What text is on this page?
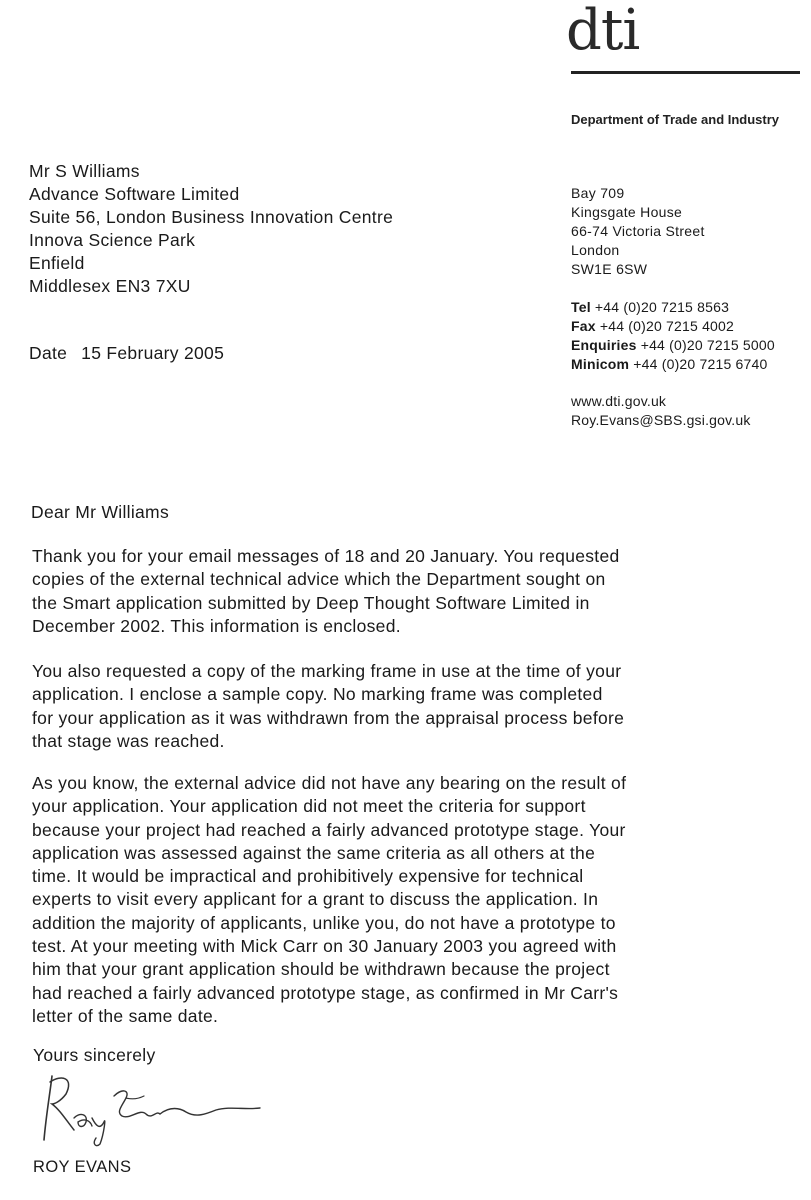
dti
Department of Trade and Industry
Mr S Williams
Advance Software Limited
Suite 56, London Business Innovation Centre
Innova Science Park
Enfield
Middlesex EN3 7XU
Bay 709
Kingsgate House
66-74 Victoria Street
London
SW1E 6SW
Tel +44 (0)20 7215 8563
Fax +44 (0)20 7215 4002
Enquiries +44 (0)20 7215 5000
Minicom +44 (0)20 7215 6740
www.dti.gov.uk
Roy.Evans@SBS.gsi.gov.uk
Date 15 February 2005
Dear Mr Williams
Thank you for your email messages of 18 and 20 January. You requested
copies of the external technical advice which the Department sought on
the Smart application submitted by Deep Thought Software Limited in
December 2002. This information is enclosed.
You also requested a copy of the marking frame in use at the time of your
application. I enclose a sample copy. No marking frame was completed
for your application as it was withdrawn from the appraisal process before
that stage was reached.
As you know, the external advice did not have any bearing on the result of
your application. Your application did not meet the criteria for support
because your project had reached a fairly advanced prototype stage. Your
application was assessed against the same criteria as all others at the
time. It would be impractical and prohibitively expensive for technical
experts to visit every applicant for a grant to discuss the application. In
addition the majority of applicants, unlike you, do not have a prototype to
test. At your meeting with Mick Carr on 30 January 2003 you agreed with
him that your grant application should be withdrawn because the project
had reached a fairly advanced prototype stage, as confirmed in Mr Carr's
letter of the same date.
Yours sincerely
ROY EVANS
